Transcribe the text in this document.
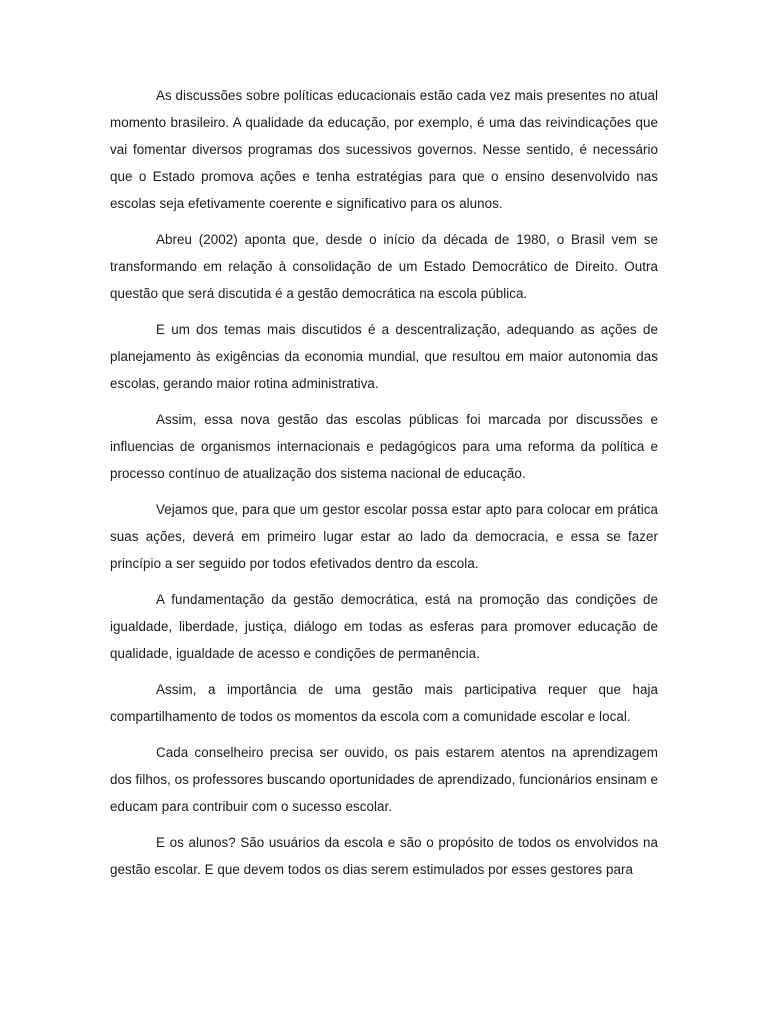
As discussões sobre políticas educacionais estão cada vez mais presentes no atual momento brasileiro. A qualidade da educação, por exemplo, é uma das reivindicações que vai fomentar diversos programas dos sucessivos governos. Nesse sentido, é necessário que o Estado promova ações e tenha estratégias para que o ensino desenvolvido nas escolas seja efetivamente coerente e significativo para os alunos.

Abreu (2002) aponta que, desde o início da década de 1980, o Brasil vem se transformando em relação à consolidação de um Estado Democrático de Direito. Outra questão que será discutida é a gestão democrática na escola pública.

E um dos temas mais discutidos é a descentralização, adequando as ações de planejamento às exigências da economia mundial, que resultou em maior autonomia das escolas, gerando maior rotina administrativa.

Assim, essa nova gestão das escolas públicas foi marcada por discussões e influencias de organismos internacionais e pedagógicos para uma reforma da política e processo contínuo de atualização dos sistema nacional de educação.

Vejamos que, para que um gestor escolar possa estar apto para colocar em prática suas ações, deverá em primeiro lugar estar ao lado da democracia, e essa se fazer princípio a ser seguido por todos efetivados dentro da escola.

A fundamentação da gestão democrática, está na promoção das condições de igualdade, liberdade, justiça, diálogo em todas as esferas para promover educação de qualidade, igualdade de acesso e condições de permanência.

Assim, a importância de uma gestão mais participativa requer que haja compartilhamento de todos os momentos da escola com a comunidade escolar e local.

Cada conselheiro precisa ser ouvido, os pais estarem atentos na aprendizagem dos filhos, os professores buscando oportunidades de aprendizado, funcionários ensinam e educam para contribuir com o sucesso escolar.

E os alunos? São usuários da escola e são o propósito de todos os envolvidos na gestão escolar. E que devem todos os dias serem estimulados por esses gestores para
